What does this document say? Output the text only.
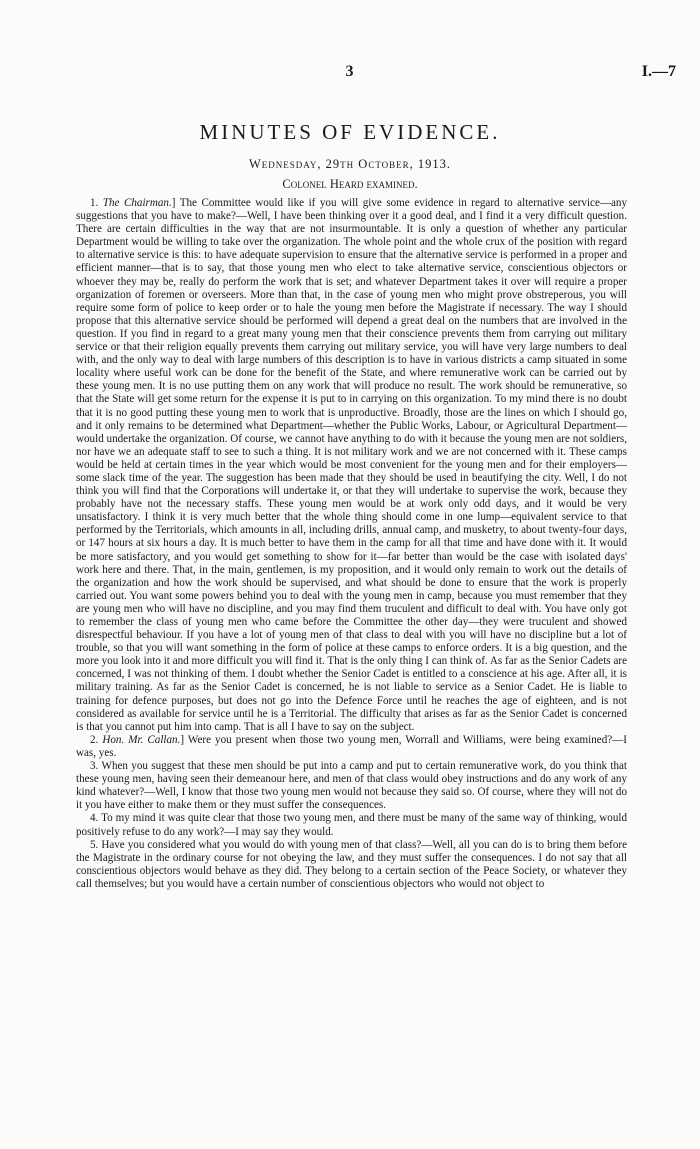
3	I.—7
MINUTES OF EVIDENCE.
Wednesday, 29th October, 1913.
Colonel Heard examined.

1. The Chairman.] The Committee would like if you will give some evidence in regard to alternative service—any suggestions that you have to make?—Well, I have been thinking over it a good deal, and I find it a very difficult question. There are certain difficulties in the way that are not insurmountable. It is only a question of whether any particular Department would be willing to take over the organization. The whole point and the whole crux of the position with regard to alternative service is this: to have adequate supervision to ensure that the alternative service is performed in a proper and efficient manner—that is to say, that those young men who elect to take alternative service, conscientious objectors or whoever they may be, really do perform the work that is set; and whatever Department takes it over will require a proper organization of foremen or overseers. More than that, in the case of young men who might prove obstreperous, you will require some form of police to keep order or to hale the young men before the Magistrate if necessary. The way I should propose that this alternative service should be performed will depend a great deal on the numbers that are involved in the question. If you find in regard to a great many young men that their conscience prevents them from carrying out military service or that their religion equally prevents them carrying out military service, you will have very large numbers to deal with, and the only way to deal with large numbers of this description is to have in various districts a camp situated in some locality where useful work can be done for the benefit of the State, and where remunerative work can be carried out by these young men. It is no use putting them on any work that will produce no result. The work should be remunerative, so that the State will get some return for the expense it is put to in carrying on this organization. To my mind there is no doubt that it is no good putting these young men to work that is unproductive. Broadly, those are the lines on which I should go, and it only remains to be determined what Department—whether the Public Works, Labour, or Agricultural Department—would undertake the organization. Of course, we cannot have anything to do with it because the young men are not soldiers, nor have we an adequate staff to see to such a thing. It is not military work and we are not concerned with it. These camps would be held at certain times in the year which would be most convenient for the young men and for their employers—some slack time of the year. The suggestion has been made that they should be used in beautifying the city. Well, I do not think you will find that the Corporations will undertake it, or that they will undertake to supervise the work, because they probably have not the necessary staffs. These young men would be at work only odd days, and it would be very unsatisfactory. I think it is very much better that the whole thing should come in one lump—equivalent service to that performed by the Territorials, which amounts in all, including drills, annual camp, and musketry, to about twenty-four days, or 147 hours at six hours a day. It is much better to have them in the camp for all that time and have done with it. It would be more satisfactory, and you would get something to show for it—far better than would be the case with isolated days' work here and there. That, in the main, gentlemen, is my proposition, and it would only remain to work out the details of the organization and how the work should be supervised, and what should be done to ensure that the work is properly carried out. You want some powers behind you to deal with the young men in camp, because you must remember that they are young men who will have no discipline, and you may find them truculent and difficult to deal with. You have only got to remember the class of young men who came before the Committee the other day—they were truculent and showed disrespectful behaviour. If you have a lot of young men of that class to deal with you will have no discipline but a lot of trouble, so that you will want something in the form of police at these camps to enforce orders. It is a big question, and the more you look into it and more difficult you will find it. That is the only thing I can think of. As far as the Senior Cadets are concerned, I was not thinking of them. I doubt whether the Senior Cadet is entitled to a conscience at his age. After all, it is military training. As far as the Senior Cadet is concerned, he is not liable to service as a Senior Cadet. He is liable to training for defence purposes, but does not go into the Defence Force until he reaches the age of eighteen, and is not considered as available for service until he is a Territorial. The difficulty that arises as far as the Senior Cadet is concerned is that you cannot put him into camp. That is all I have to say on the subject.

2. Hon. Mr. Callan.] Were you present when those two young men, Worrall and Williams, were being examined?—I was, yes.

3. When you suggest that these men should be put into a camp and put to certain remunerative work, do you think that these young men, having seen their demeanour here, and men of that class would obey instructions and do any work of any kind whatever?—Well, I know that those two young men would not because they said so. Of course, where they will not do it you have either to make them or they must suffer the consequences.

4. To my mind it was quite clear that those two young men, and there must be many of the same way of thinking, would positively refuse to do any work?—I may say they would.

5. Have you considered what you would do with young men of that class?—Well, all you can do is to bring them before the Magistrate in the ordinary course for not obeying the law, and they must suffer the consequences. I do not say that all conscientious objectors would behave as they did. They belong to a certain section of the Peace Society, or whatever they call themselves; but you would have a certain number of conscientious objectors who would not object to
